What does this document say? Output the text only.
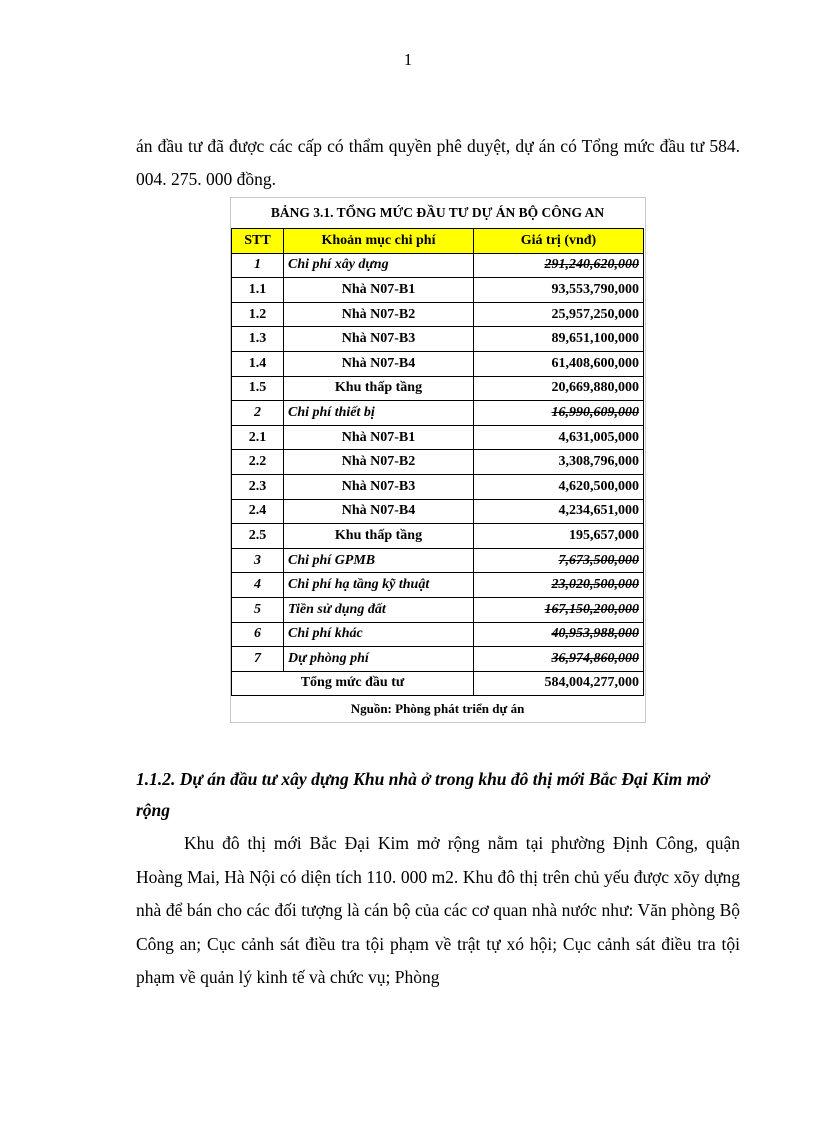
1

án đầu tư đã được các cấp có thẩm quyền phê duyệt, dự án có Tổng mức đầu tư 584. 004. 275. 000 đồng.

BẢNG 3.1. TỔNG MỨC ĐẦU TƯ DỰ ÁN BỘ CÔNG AN		
STT	Khoản mục chi phí	Giá trị (vnđ)
1	Chi phí xây dựng	291,240,620,000
1.1	Nhà N07-B1	93,553,790,000
1.2	Nhà N07-B2	25,957,250,000
1.3	Nhà N07-B3	89,651,100,000
1.4	Nhà N07-B4	61,408,600,000
1.5	Khu thấp tầng	20,669,880,000
2	Chi phí thiết bị	16,990,609,000
2.1	Nhà N07-B1	4,631,005,000
2.2	Nhà N07-B2	3,308,796,000
2.3	Nhà N07-B3	4,620,500,000
2.4	Nhà N07-B4	4,234,651,000
2.5	Khu thấp tầng	195,657,000
3	Chi phí GPMB	7,673,500,000
4	Chi phí hạ tầng kỹ thuật	23,020,500,000
5	Tiền sử dụng đất	167,150,200,000
6	Chi phí khác	40,953,988,000
7	Dự phòng phí	36,974,860,000
Tổng mức đầu tư		584,004,277,000
Nguồn: Phòng phát triển dự án		

1.1.2. Dự án đầu tư xây dựng Khu nhà ở trong khu đô thị mới Bắc Đại Kim mở rộng

Khu đô thị mới Bắc Đại Kim mở rộng nằm tại phường Định Công, quận Hoàng Mai, Hà Nội có diện tích 110. 000 m2. Khu đô thị trên chủ yếu được xõy dựng nhà để bán cho các đối tượng là cán bộ của các cơ quan nhà nước như: Văn phòng Bộ Công an; Cục cảnh sát điều tra tội phạm về trật tự xó hội; Cục cảnh sát điều tra tội phạm về quản lý kinh tế và chức vụ; Phòng
